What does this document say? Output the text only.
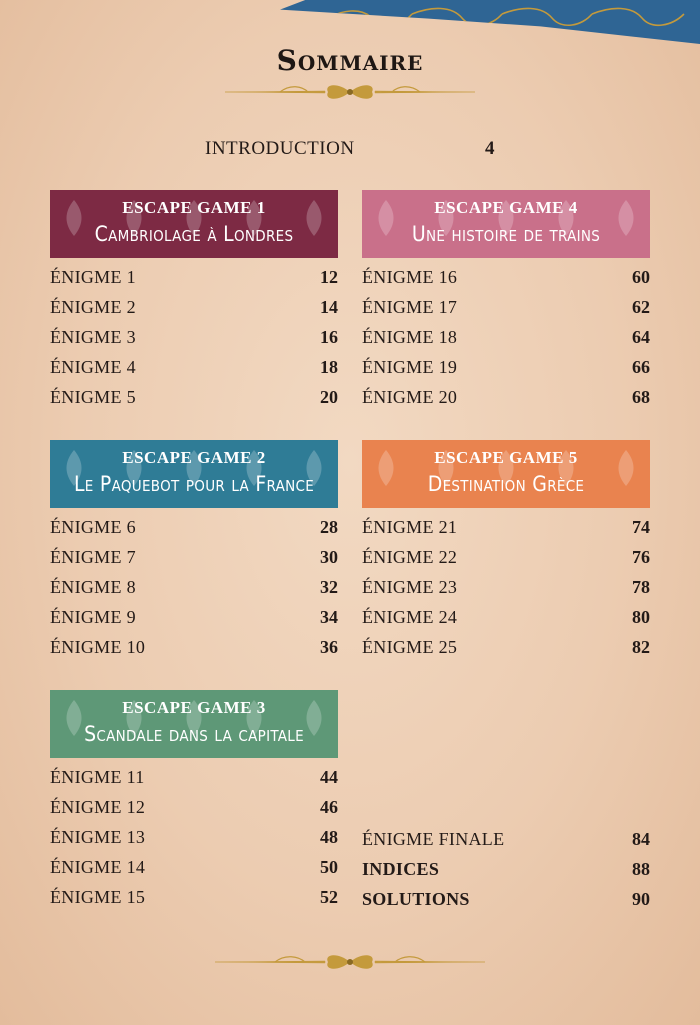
Sommaire
INTRODUCTION	4
ESCAPE GAME 1
Cambriolage à Londres
ÉNIGME 1	12
ÉNIGME 2	14
ÉNIGME 3	16
ÉNIGME 4	18
ÉNIGME 5	20
ESCAPE GAME 4
Une histoire de trains
ÉNIGME 16	60
ÉNIGME 17	62
ÉNIGME 18	64
ÉNIGME 19	66
ÉNIGME 20	68
ESCAPE GAME 2
Le Paquebot pour la France
ÉNIGME 6	28
ÉNIGME 7	30
ÉNIGME 8	32
ÉNIGME 9	34
ÉNIGME 10	36
ESCAPE GAME 5
Destination Grèce
ÉNIGME 21	74
ÉNIGME 22	76
ÉNIGME 23	78
ÉNIGME 24	80
ÉNIGME 25	82
ESCAPE GAME 3
Scandale dans la capitale
ÉNIGME 11	44
ÉNIGME 12	46
ÉNIGME 13	48
ÉNIGME 14	50
ÉNIGME 15	52
ÉNIGME FINALE	84
INDICES	88
SOLUTIONS	90
